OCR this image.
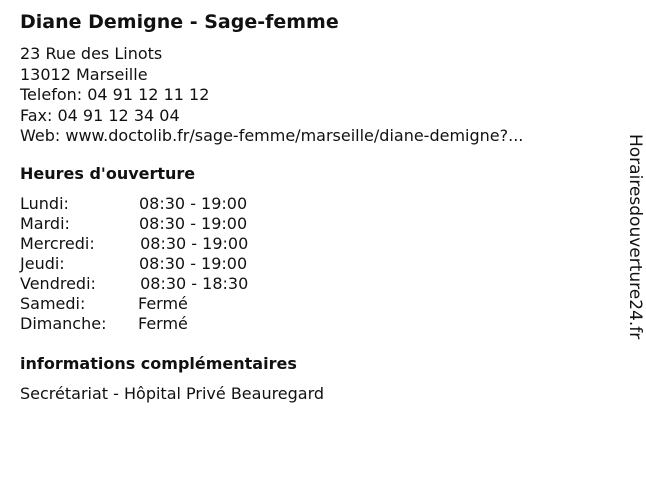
Diane Demigne - Sage-femme
23 Rue des Linots
13012 Marseille
Telefon: 04 91 12 11 12
Fax: 04 91 12 34 04
Web: www.doctolib.fr/sage-femme/marseille/diane-demigne?...
Heures d'ouverture
Lundi:	08:30 - 19:00
Mardi:	08:30 - 19:00
Mercredi:	08:30 - 19:00
Jeudi:	08:30 - 19:00
Vendredi: 08:30 - 18:30
Samedi:	Fermé
Dimanche: Fermé
informations complémentaires
Secrétariat - Hôpital Privé Beauregard
Horairesdouverture24.fr
